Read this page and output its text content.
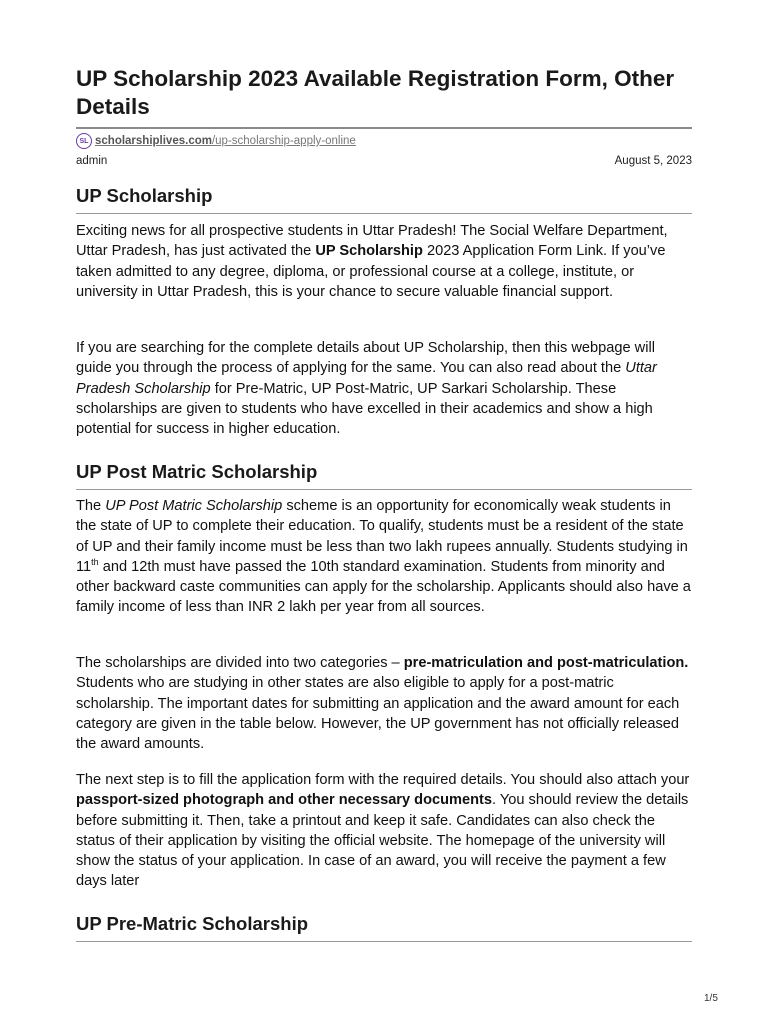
UP Scholarship 2023 Available Registration Form, Other Details
SL scholarshiplives.com/up-scholarship-apply-online
admin	August 5, 2023
UP Scholarship

Exciting news for all prospective students in Uttar Pradesh! The Social Welfare Department, Uttar Pradesh, has just activated the UP Scholarship 2023 Application Form Link. If you’ve taken admitted to any degree, diploma, or professional course at a college, institute, or university in Uttar Pradesh, this is your chance to secure valuable financial support.

If you are searching for the complete details about UP Scholarship, then this webpage will guide you through the process of applying for the same. You can also read about the Uttar Pradesh Scholarship for Pre-Matric, UP Post-Matric, UP Sarkari Scholarship. These scholarships are given to students who have excelled in their academics and show a high potential for success in higher education.

UP Post Matric Scholarship

The UP Post Matric Scholarship scheme is an opportunity for economically weak students in the state of UP to complete their education. To qualify, students must be a resident of the state of UP and their family income must be less than two lakh rupees annually. Students studying in 11th and 12th must have passed the 10th standard examination. Students from minority and other backward caste communities can apply for the scholarship. Applicants should also have a family income of less than INR 2 lakh per year from all sources.

The scholarships are divided into two categories – pre-matriculation and post-matriculation. Students who are studying in other states are also eligible to apply for a post-matric scholarship. The important dates for submitting an application and the award amount for each category are given in the table below. However, the UP government has not officially released the award amounts.

The next step is to fill the application form with the required details. You should also attach your passport-sized photograph and other necessary documents. You should review the details before submitting it. Then, take a printout and keep it safe. Candidates can also check the status of their application by visiting the official website. The homepage of the university will show the status of your application. In case of an award, you will receive the payment a few days later

UP Pre-Matric Scholarship
1/5
